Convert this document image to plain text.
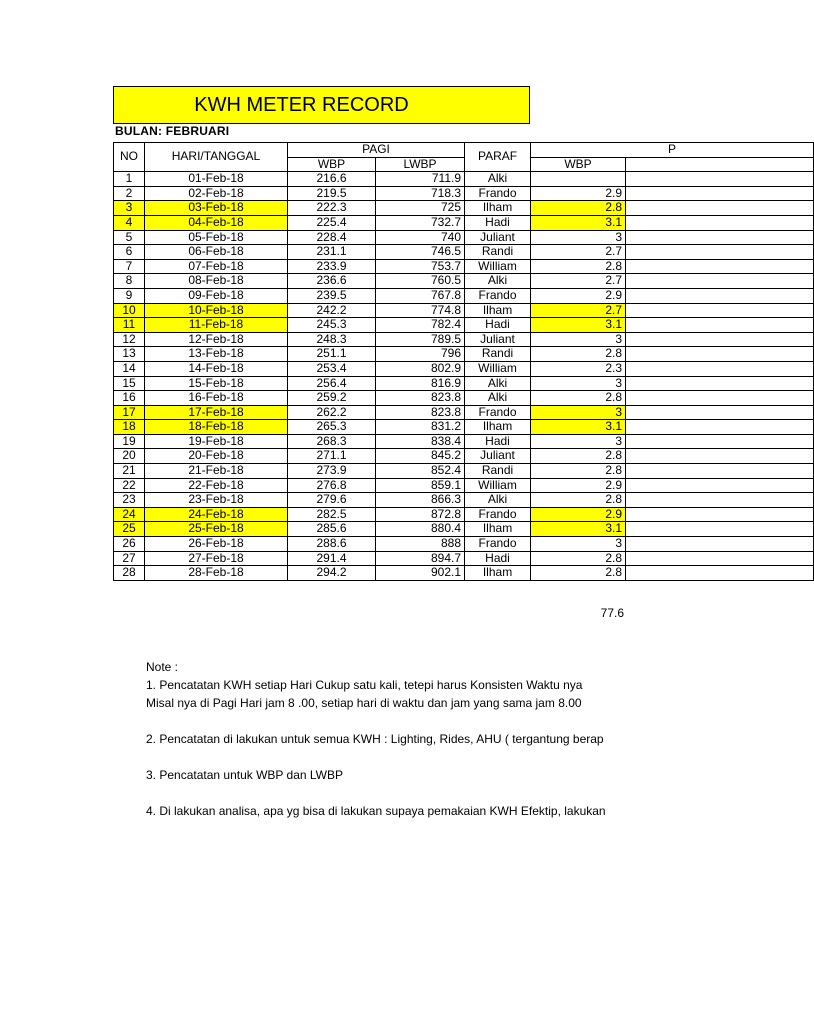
KWH METER RECORD
BULAN: FEBRUARI
NO	HARI/TANGGAL	PAGI		PARAF	P	
		WBP	LWBP		WBP	
1	01-Feb-18	216.6	711.9	Alki		
2	02-Feb-18	219.5	718.3	Frando	2.9	
3	03-Feb-18	222.3	725	Ilham	2.8	
4	04-Feb-18	225.4	732.7	Hadi	3.1	
5	05-Feb-18	228.4	740	Juliant	3	
6	06-Feb-18	231.1	746.5	Randi	2.7	
7	07-Feb-18	233.9	753.7	William	2.8	
8	08-Feb-18	236.6	760.5	Alki	2.7	
9	09-Feb-18	239.5	767.8	Frando	2.9	
10	10-Feb-18	242.2	774.8	Ilham	2.7	
11	11-Feb-18	245.3	782.4	Hadi	3.1	
12	12-Feb-18	248.3	789.5	Juliant	3	
13	13-Feb-18	251.1	796	Randi	2.8	
14	14-Feb-18	253.4	802.9	William	2.3	
15	15-Feb-18	256.4	816.9	Alki	3	
16	16-Feb-18	259.2	823.8	Alki	2.8	
17	17-Feb-18	262.2	823.8	Frando	3	
18	18-Feb-18	265.3	831.2	Ilham	3.1	
19	19-Feb-18	268.3	838.4	Hadi	3	
20	20-Feb-18	271.1	845.2	Juliant	2.8	
21	21-Feb-18	273.9	852.4	Randi	2.8	
22	22-Feb-18	276.8	859.1	William	2.9	
23	23-Feb-18	279.6	866.3	Alki	2.8	
24	24-Feb-18	282.5	872.8	Frando	2.9	
25	25-Feb-18	285.6	880.4	Ilham	3.1	
26	26-Feb-18	288.6	888	Frando	3	
27	27-Feb-18	291.4	894.7	Hadi	2.8	
28	28-Feb-18	294.2	902.1	Ilham	2.8	
77.6

Note :

1. Pencatatan KWH setiap Hari Cukup satu kali, tetepi harus Konsisten Waktu nya

Misal nya di Pagi Hari jam 8 .00, setiap hari di waktu dan jam yang sama jam 8.00

2. Pencatatan di lakukan untuk semua KWH : Lighting, Rides, AHU ( tergantung berap

3. Pencatatan untuk WBP dan LWBP

4. Di lakukan analisa, apa yg bisa di lakukan supaya pemakaian KWH Efektip, lakukan
